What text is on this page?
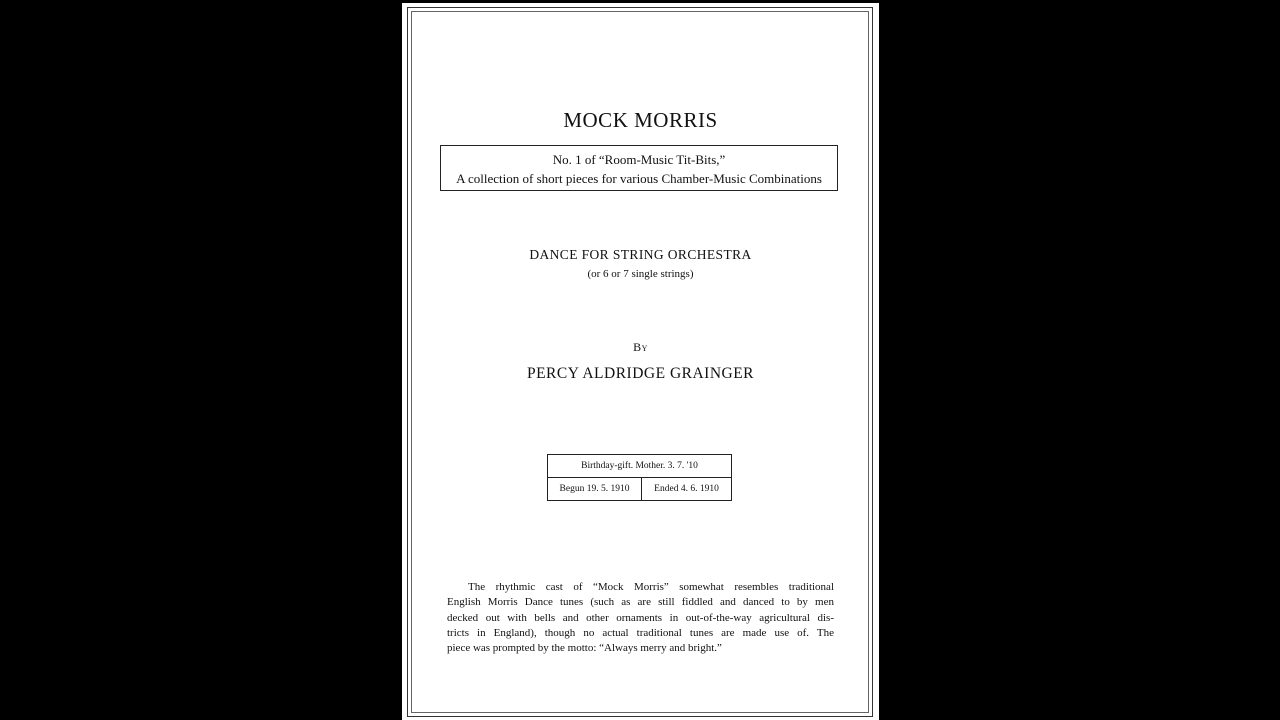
MOCK MORRIS
No. 1 of “Room-Music Tit-Bits,”
A collection of short pieces for various Chamber-Music Combinations
DANCE FOR STRING ORCHESTRA
(or 6 or 7 single strings)
By
PERCY ALDRIDGE GRAINGER
Birthday-gift. Mother. 3. 7. '10
Begun 19. 5. 1910	Ended 4. 6. 1910
The rhythmic cast of “Mock Morris” somewhat resembles traditional
English Morris Dance tunes (such as are still fiddled and danced to by men
decked out with bells and other ornaments in out-of-the-way agricultural dis-
tricts in England), though no actual traditional tunes are made use of. The
piece was prompted by the motto: “Always merry and bright.”
